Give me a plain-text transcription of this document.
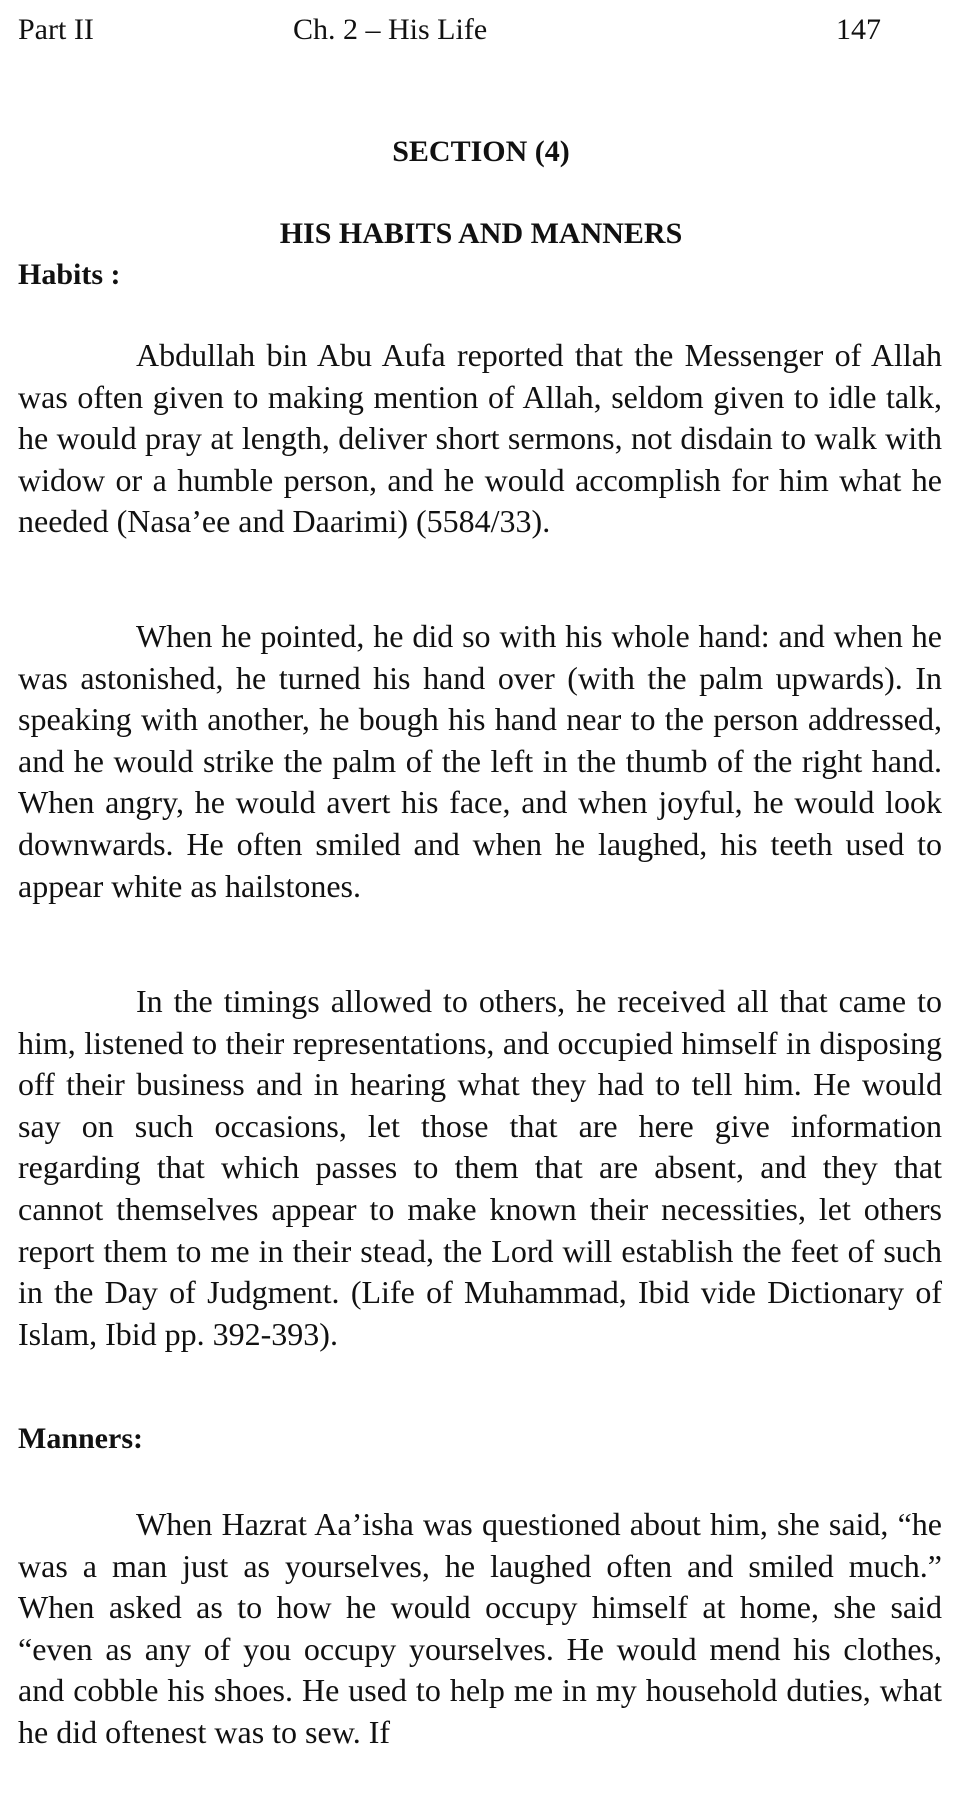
Part II	Ch. 2 – His Life	147
SECTION (4)
HIS HABITS AND MANNERS
Habits :

Abdullah bin Abu Aufa reported that the Messenger of Allah was often given to making mention of Allah, seldom given to idle talk, he would pray at length, deliver short sermons, not disdain to walk with widow or a humble person, and he would accomplish for him what he needed (Nasa’ee and Daarimi) (5584/33).

When he pointed, he did so with his whole hand: and when he was astonished, he turned his hand over (with the palm upwards). In speaking with another, he bough his hand near to the person addressed, and he would strike the palm of the left in the thumb of the right hand. When angry, he would avert his face, and when joyful, he would look downwards. He often smiled and when he laughed, his teeth used to appear white as hailstones.

In the timings allowed to others, he received all that came to him, listened to their representations, and occupied himself in disposing off their business and in hearing what they had to tell him. He would say on such occasions, let those that are here give information regarding that which passes to them that are absent, and they that cannot themselves appear to make known their necessities, let others report them to me in their stead, the Lord will establish the feet of such in the Day of Judgment. (Life of Muhammad, Ibid vide Dictionary of Islam, Ibid pp. 392-393).

Manners:

When Hazrat Aa’isha was questioned about him, she said, “he was a man just as yourselves, he laughed often and smiled much.” When asked as to how he would occupy himself at home, she said “even as any of you occupy yourselves. He would mend his clothes, and cobble his shoes. He used to help me in my household duties, what he did oftenest was to sew. If
